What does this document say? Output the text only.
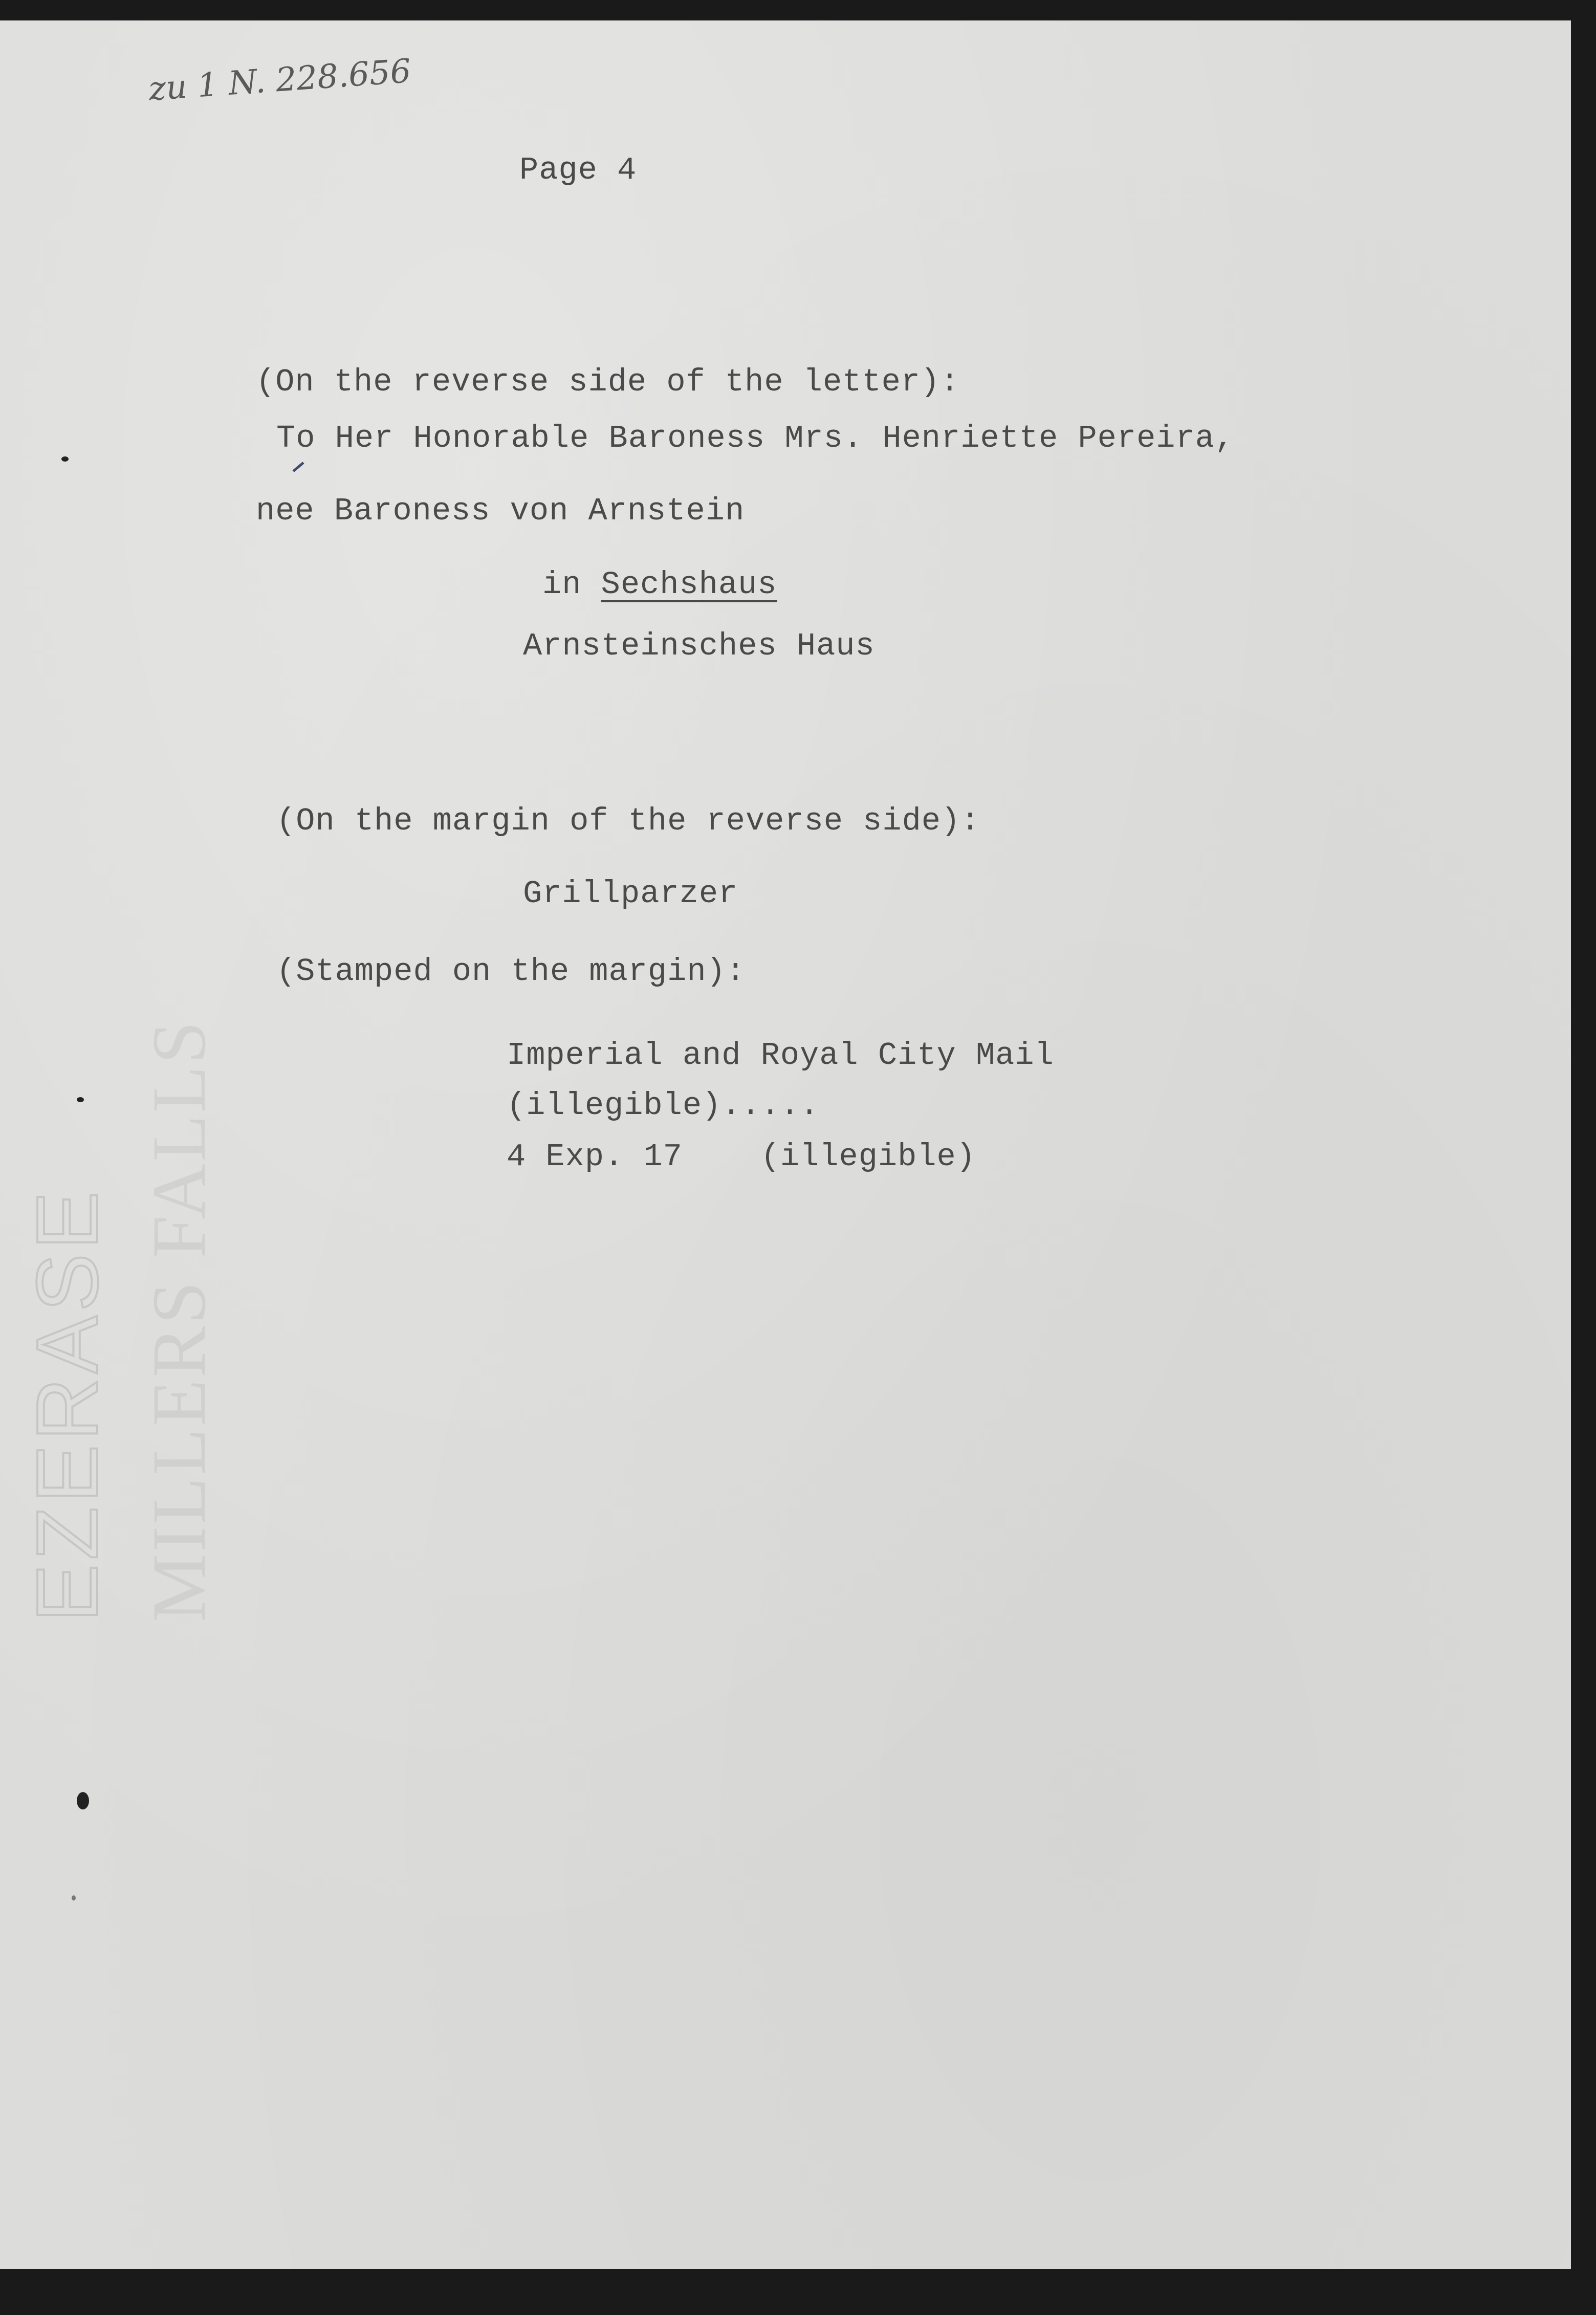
zu 1 N. 228.656
Page 4
(On the reverse side of the letter):
To Her Honorable Baroness Mrs. Henriette Pereira,
nee Baroness von Arnstein
in Sechshaus
Arnsteinsches Haus
(On the margin of the reverse side):
Grillparzer
(Stamped on the margin):
Imperial and Royal City Mail
(illegible).....
4 Exp. 17    (illegible)
EZERASE MILLERS FALLS
